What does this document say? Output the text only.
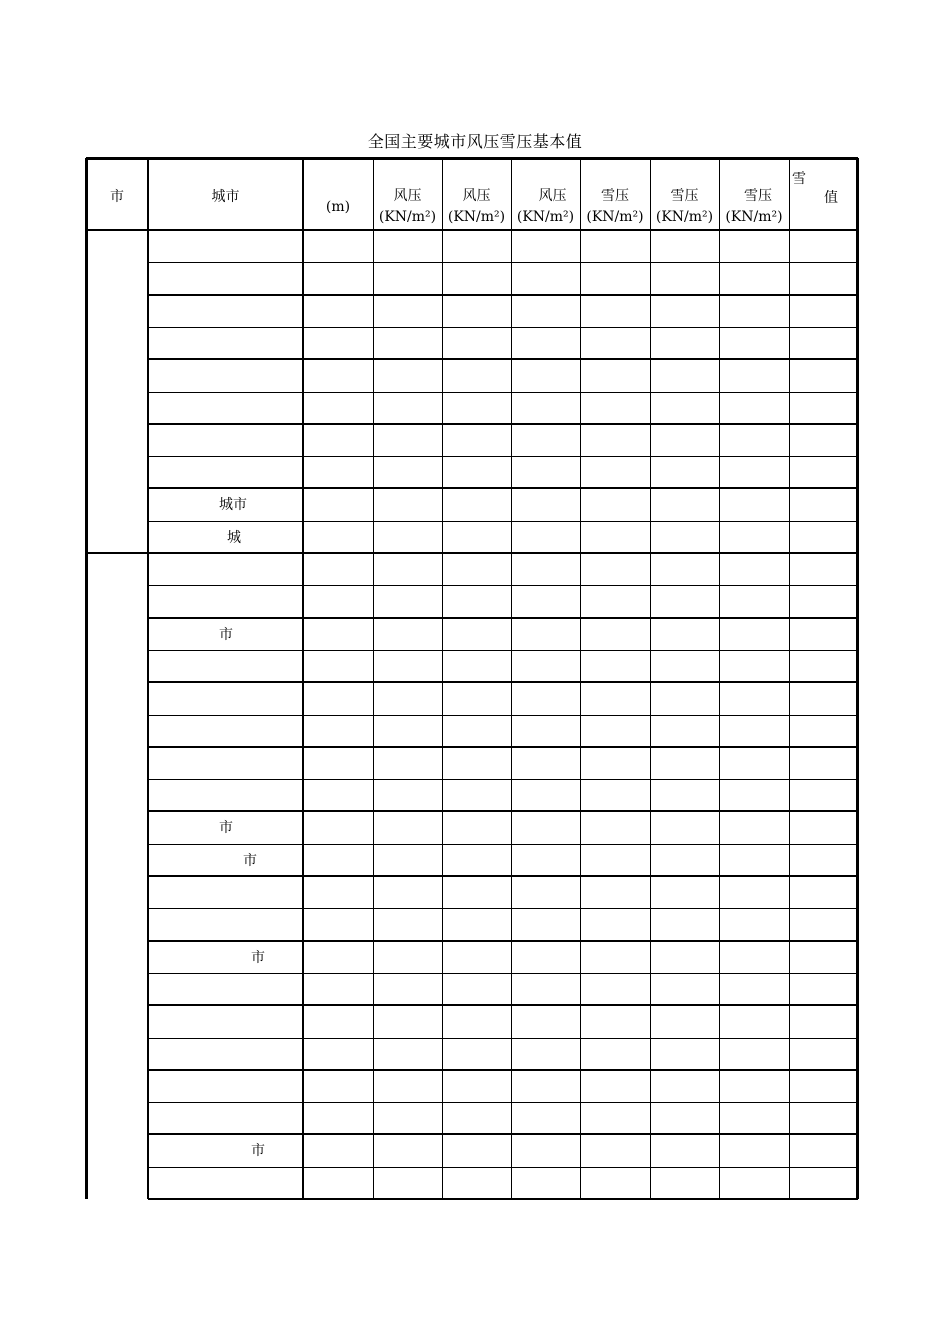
全国主要城市风压雪压基本值
市	城市
(m)
风压
(KN/m²)
风压
(KN/m²)
风压
(KN/m²)
雪压
(KN/m²)
雪压
(KN/m²)
雪压
(KN/m²)
雪
值
城市
城
市
市
市
市
市
